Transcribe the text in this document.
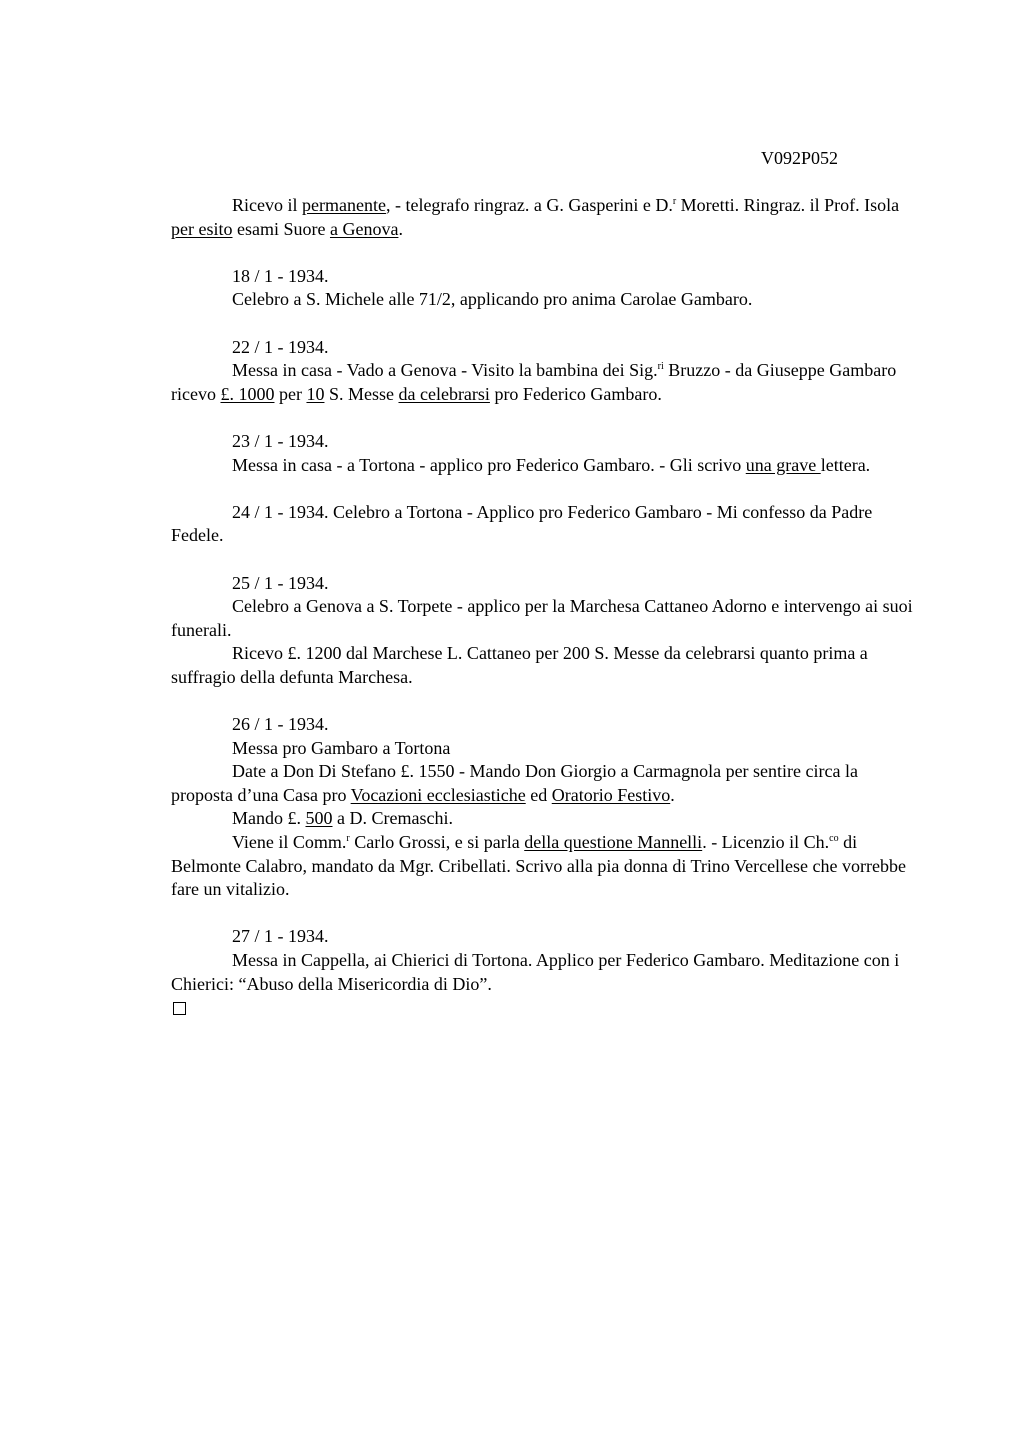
V092P052

Ricevo il permanente, - telegrafo ringraz. a G. Gasperini e D.$^r$ Moretti. Ringraz. il Prof. Isola per esito esami Suore a Genova.

18 / 1 - 1934.

Celebro a S. Michele alle 71/2, applicando pro anima Carolae Gambaro.

22 / 1 - 1934.

Messa in casa - Vado a Genova - Visito la bambina dei Sig.$^{ri}$ Bruzzo - da Giuseppe Gambaro ricevo £. 1000 per 10 S. Messe da celebrarsi pro Federico Gambaro.

23 / 1 - 1934.

Messa in casa - a Tortona - applico pro Federico Gambaro. - Gli scrivo una grave lettera.

24 / 1 - 1934. Celebro a Tortona - Applico pro Federico Gambaro - Mi confesso da Padre Fedele.

25 / 1 - 1934.

Celebro a Genova a S. Torpete - applico per la Marchesa Cattaneo Adorno e intervengo ai suoi funerali.

Ricevo £. 1200 dal Marchese L. Cattaneo per 200 S. Messe da celebrarsi quanto prima a suffragio della defunta Marchesa.

26 / 1 - 1934.

Messa pro Gambaro a Tortona

Date a Don Di Stefano £. 1550 - Mando Don Giorgio a Carmagnola per sentire circa la proposta d’una Casa pro Vocazioni ecclesiastiche ed Oratorio Festivo.

Mando £. 500 a D. Cremaschi.

Viene il Comm.$^r$ Carlo Grossi, e si parla della questione Mannelli. - Licenzio il Ch.$^{co}$ di Belmonte Calabro, mandato da Mgr. Cribellati. Scrivo alla pia donna di Trino Vercellese che vorrebbe fare un vitalizio.

27 / 1 - 1934.

Messa in Cappella, ai Chierici di Tortona. Applico per Federico Gambaro. Meditazione con i Chierici: “Abuso della Misericordia di Dio”.
